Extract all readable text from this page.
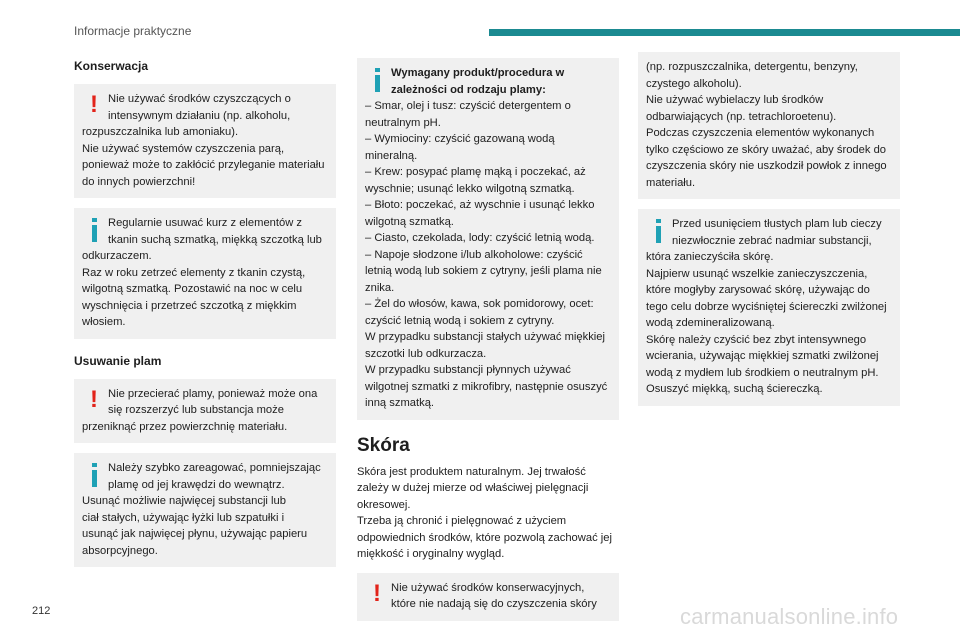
Informacje praktyczne
Konserwacja
! Nie używać środków czyszczących o

intensywnym działaniu (np. alkoholu,

rozpuszczalnika lub amoniaku).

Nie używać systemów czyszczenia parą,

ponieważ może to zakłócić przyleganie materiału

do innych powierzchni!

Regularnie usuwać kurz z elementów z

tkanin suchą szmatką, miękką szczotką lub

odkurzaczem.

Raz w roku zetrzeć elementy z tkanin czystą,

wilgotną szmatką. Pozostawić na noc w celu

wyschnięcia i przetrzeć szczotką z miękkim

włosiem.

Usuwanie plam
! Nie przecierać plamy, ponieważ może ona

się rozszerzyć lub substancja może

przeniknąć przez powierzchnię materiału.

Należy szybko zareagować, pomniejszając

plamę od jej krawędzi do wewnątrz.

Usunąć możliwie najwięcej substancji lub

ciał stałych, używając łyżki lub szpatułki i

usunąć jak najwięcej płynu, używając papieru

absorpcyjnego.

Wymagany produkt/procedura w

zależności od rodzaju plamy:

– Smar, olej i tusz: czyścić detergentem o

neutralnym pH.

– Wymiociny: czyścić gazowaną wodą

mineralną.

– Krew: posypać plamę mąką i poczekać, aż

wyschnie; usunąć lekko wilgotną szmatką.

– Błoto: poczekać, aż wyschnie i usunąć lekko

wilgotną szmatką.

– Ciasto, czekolada, lody: czyścić letnią wodą.

– Napoje słodzone i/lub alkoholowe: czyścić

letnią wodą lub sokiem z cytryny, jeśli plama nie

znika.

– Żel do włosów, kawa, sok pomidorowy, ocet:

czyścić letnią wodą i sokiem z cytryny.

W przypadku substancji stałych używać miękkiej

szczotki lub odkurzacza.

W przypadku substancji płynnych używać

wilgotnej szmatki z mikrofibry, następnie osuszyć

inną szmatką.

Skóra

Skóra jest produktem naturalnym. Jej trwałość

zależy w dużej mierze od właściwej pielęgnacji

okresowej.

Trzeba ją chronić i pielęgnować z użyciem

odpowiednich środków, które pozwolą zachować jej

miękkość i oryginalny wygląd.

! Nie używać środków konserwacyjnych,

które nie nadają się do czyszczenia skóry

(np. rozpuszczalnika, detergentu, benzyny,

czystego alkoholu).

Nie używać wybielaczy lub środków

odbarwiających (np. tetrachloroetenu).

Podczas czyszczenia elementów wykonanych

tylko częściowo ze skóry uważać, aby środek do

czyszczenia skóry nie uszkodził powłok z innego

materiału.

Przed usunięciem tłustych plam lub cieczy

niezwłocznie zebrać nadmiar substancji,

która zanieczyściła skórę.

Najpierw usunąć wszelkie zanieczyszczenia,

które mogłyby zarysować skórę, używając do

tego celu dobrze wyciśniętej ściereczki zwilżonej

wodą zdemineralizowaną.

Skórę należy czyścić bez zbyt intensywnego

wcierania, używając miękkiej szmatki zwilżonej

wodą z mydłem lub środkiem o neutralnym pH.

Osuszyć miękką, suchą ściereczką.

212	carmanualsonline.info
